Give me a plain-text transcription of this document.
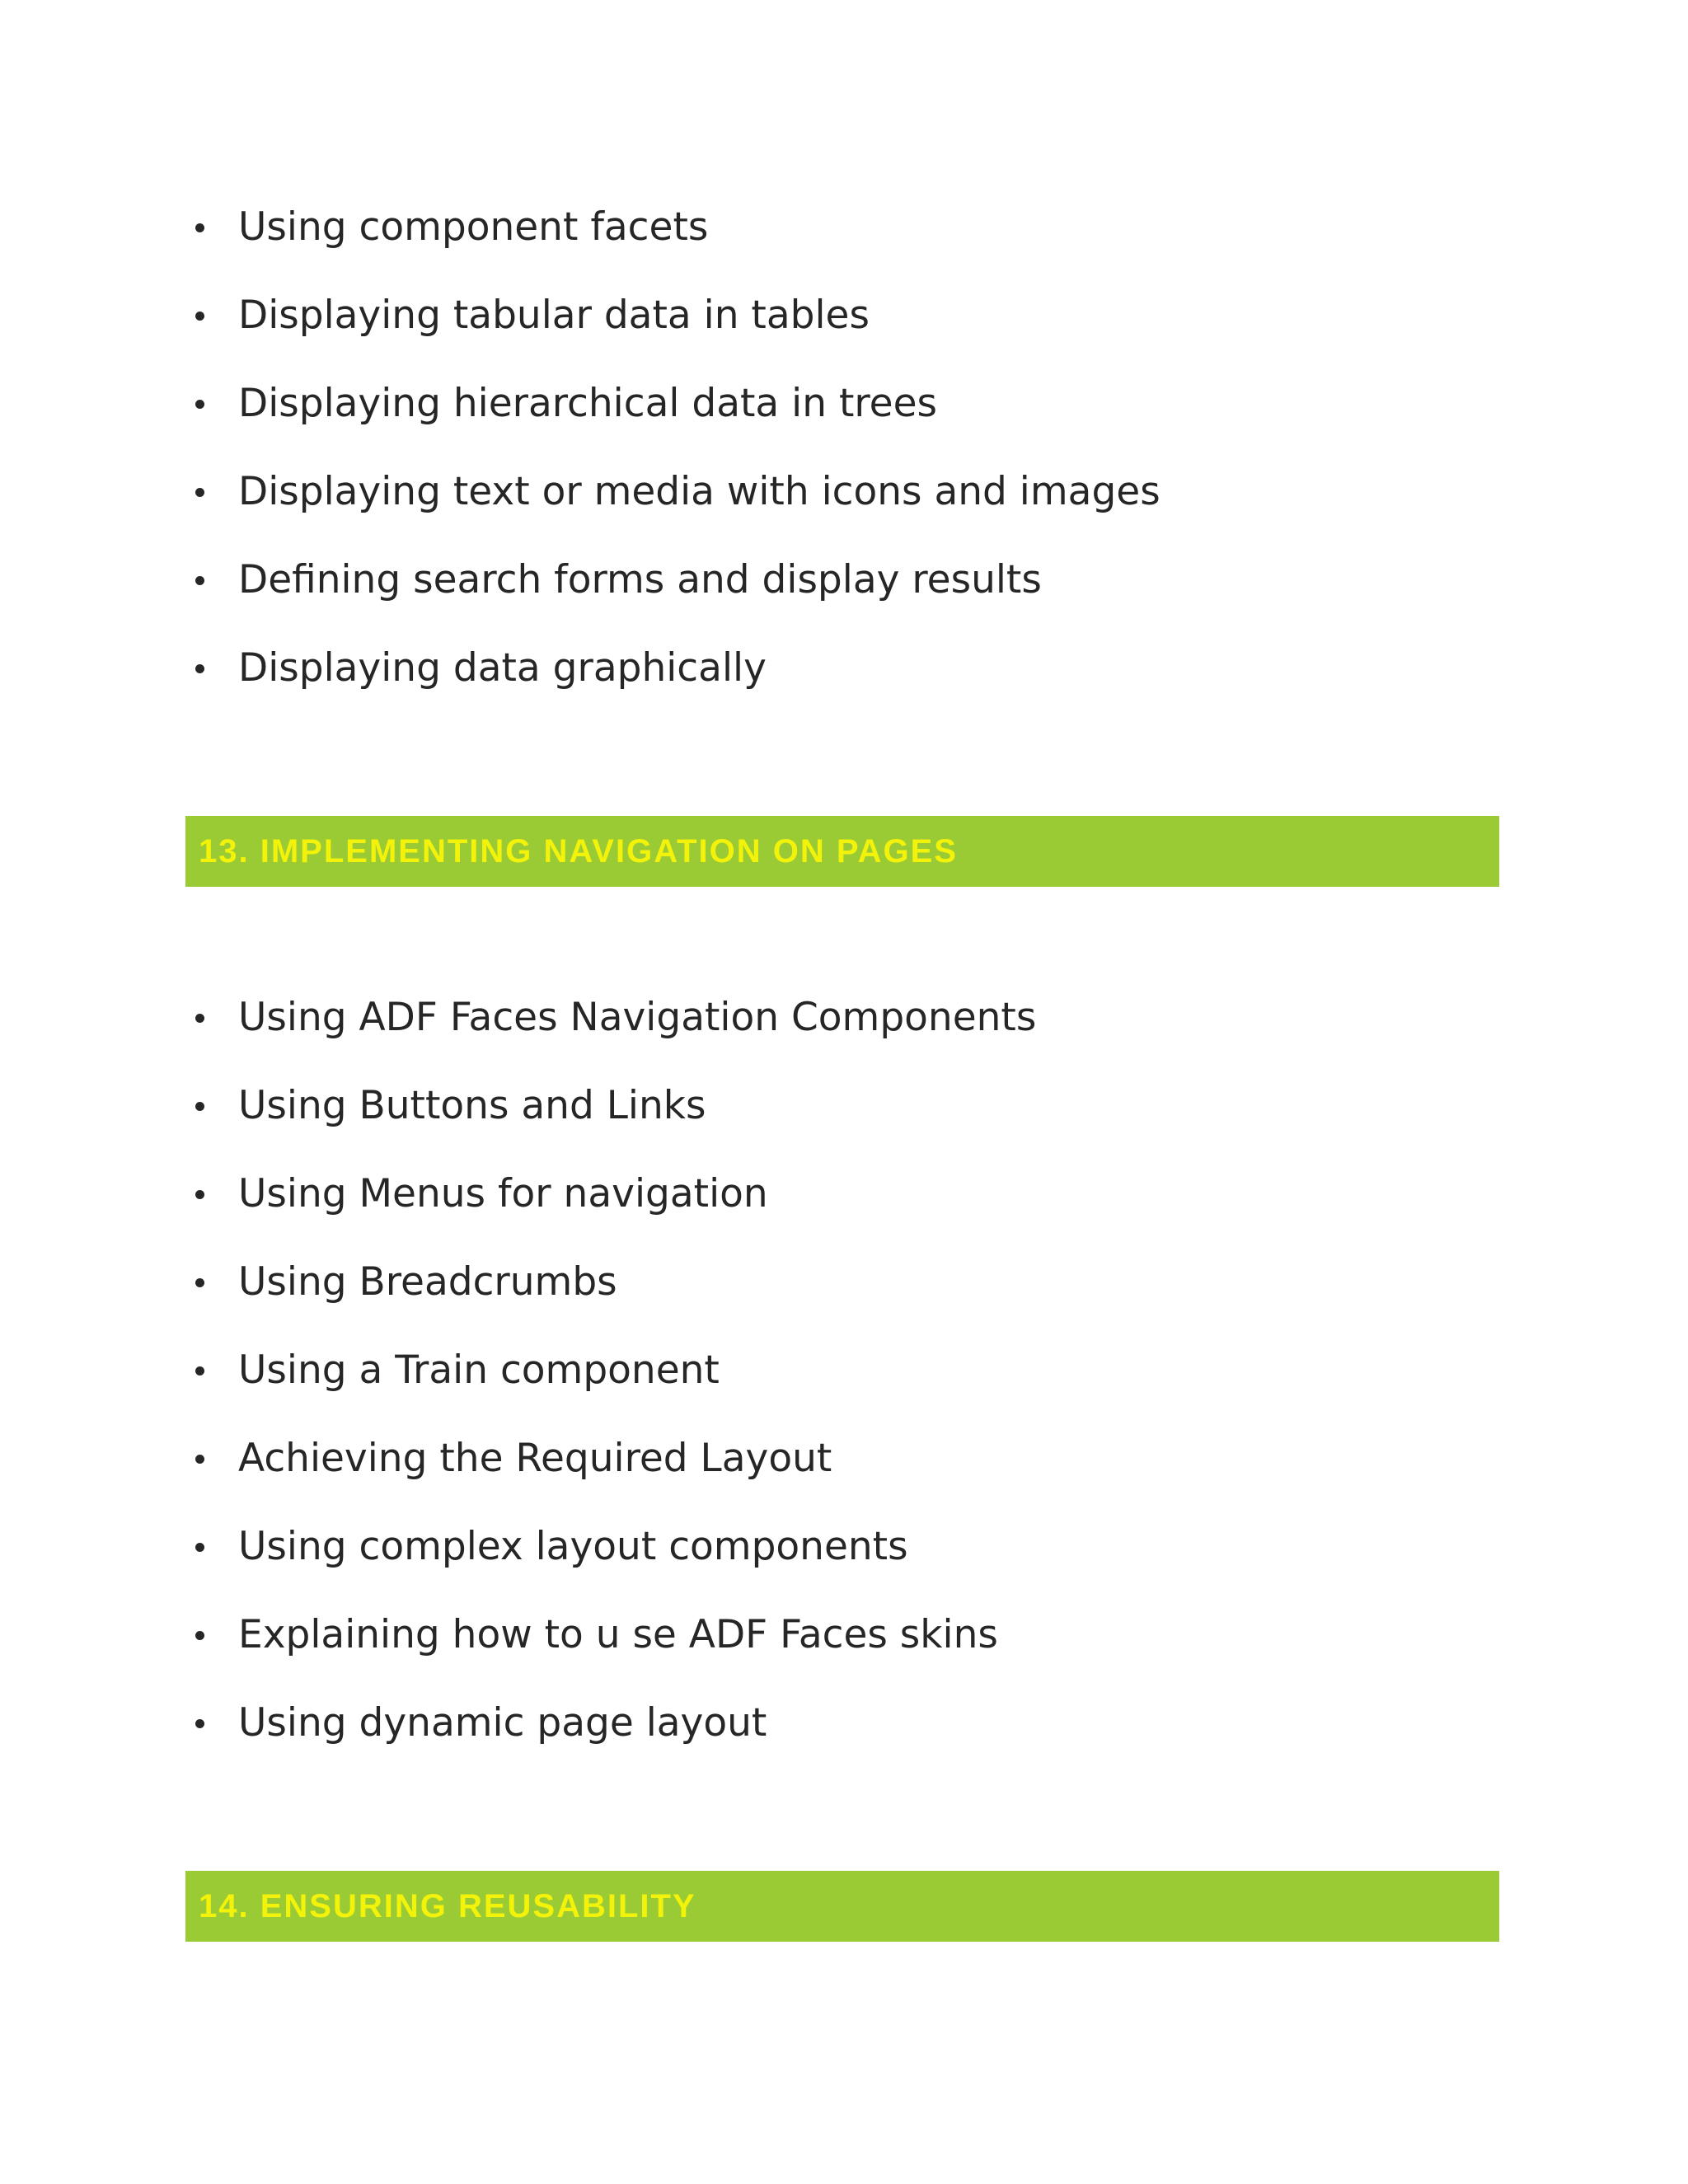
Using component facets
Displaying tabular data in tables
Displaying hierarchical data in trees
Displaying text or media with icons and images
Defining search forms and display results
Displaying data graphically
13. IMPLEMENTING NAVIGATION ON PAGES
Using ADF Faces Navigation Components
Using Buttons and Links
Using Menus for navigation
Using Breadcrumbs
Using a Train component
Achieving the Required Layout
Using complex layout components
Explaining how to u se ADF Faces skins
Using dynamic page layout
14. ENSURING REUSABILITY
